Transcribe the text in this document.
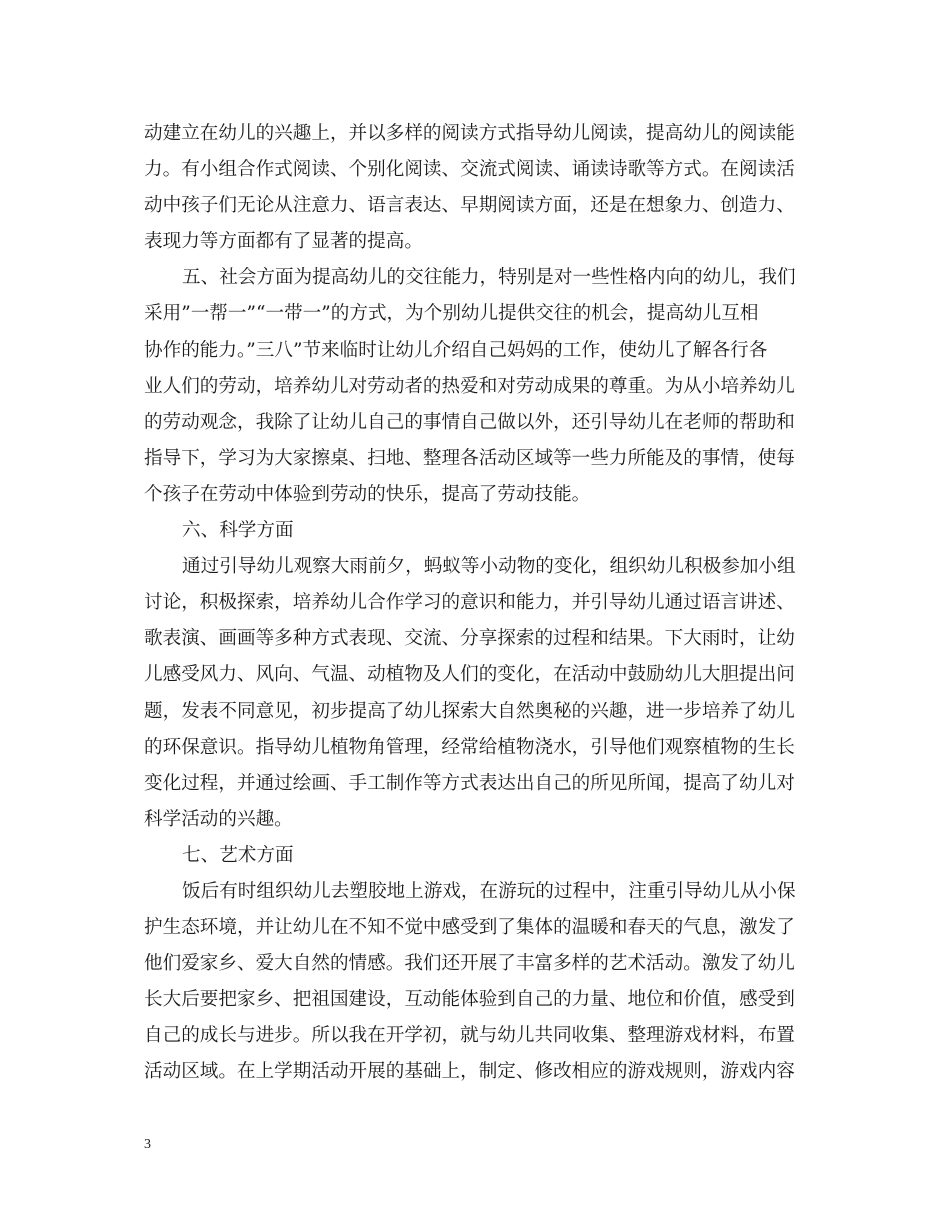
动建立在幼儿的兴趣上，并以多样的阅读方式指导幼儿阅读，提高幼儿的阅读能
力。有小组合作式阅读、个别化阅读、交流式阅读、诵读诗歌等方式。在阅读活
动中孩子们无论从注意力、语言表达、早期阅读方面，还是在想象力、创造力、
表现力等方面都有了显著的提高。
五、社会方面为提高幼儿的交往能力，特别是对一些性格内向的幼儿，我们
采用”一帮一”“一带一”的方式，为个别幼儿提供交往的机会，提高幼儿互相
协作的能力。”三八”节来临时让幼儿介绍自己妈妈的工作，使幼儿了解各行各
业人们的劳动，培养幼儿对劳动者的热爱和对劳动成果的尊重。为从小培养幼儿
的劳动观念，我除了让幼儿自己的事情自己做以外，还引导幼儿在老师的帮助和
指导下，学习为大家擦桌、扫地、整理各活动区域等一些力所能及的事情，使每
个孩子在劳动中体验到劳动的快乐，提高了劳动技能。
六、科学方面
通过引导幼儿观察大雨前夕，蚂蚁等小动物的变化，组织幼儿积极参加小组
讨论，积极探索，培养幼儿合作学习的意识和能力，并引导幼儿通过语言讲述、
歌表演、画画等多种方式表现、交流、分享探索的过程和结果。下大雨时，让幼
儿感受风力、风向、气温、动植物及人们的变化，在活动中鼓励幼儿大胆提出问
题，发表不同意见，初步提高了幼儿探索大自然奥秘的兴趣，进一步培养了幼儿
的环保意识。指导幼儿植物角管理，经常给植物浇水，引导他们观察植物的生长
变化过程，并通过绘画、手工制作等方式表达出自己的所见所闻，提高了幼儿对
科学活动的兴趣。
七、艺术方面
饭后有时组织幼儿去塑胶地上游戏，在游玩的过程中，注重引导幼儿从小保
护生态环境，并让幼儿在不知不觉中感受到了集体的温暖和春天的气息，激发了
他们爱家乡、爱大自然的情感。我们还开展了丰富多样的艺术活动。激发了幼儿
长大后要把家乡、把祖国建设，互动能体验到自己的力量、地位和价值，感受到
自己的成长与进步。所以我在开学初，就与幼儿共同收集、整理游戏材料，布置
活动区域。在上学期活动开展的基础上，制定、修改相应的游戏规则，游戏内容
3
